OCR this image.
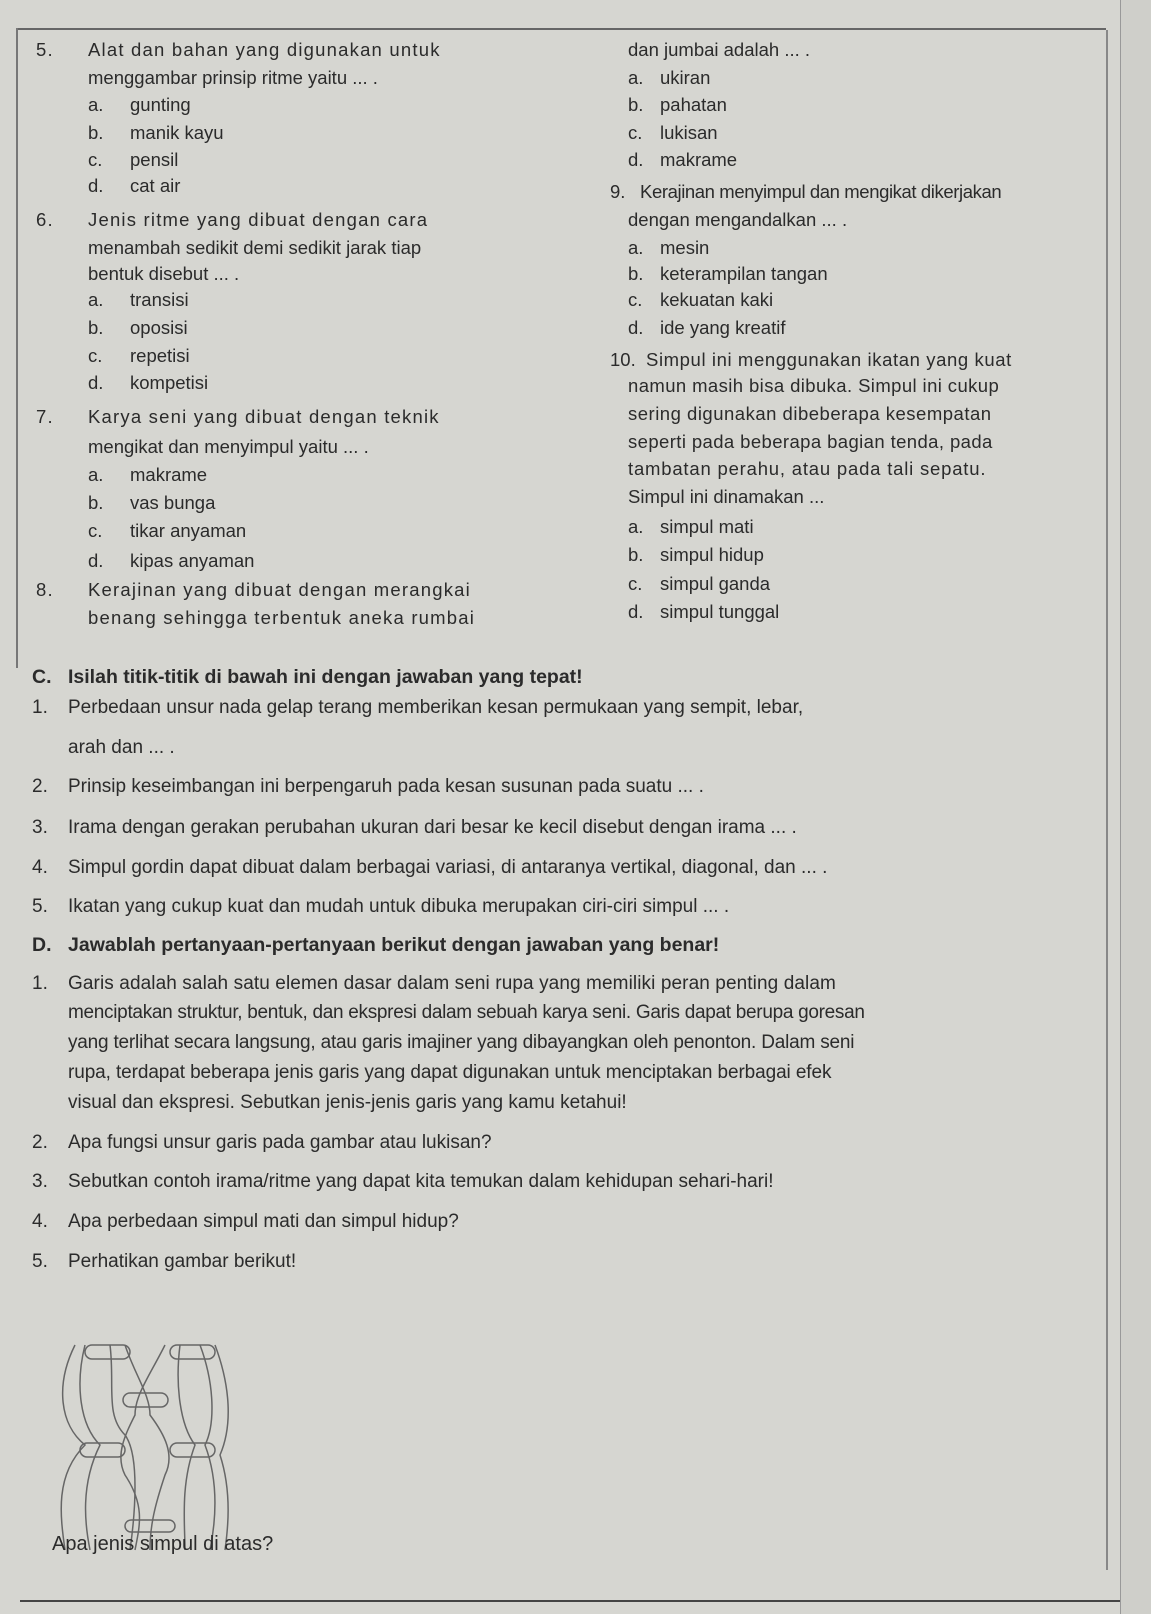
5. Alat dan bahan yang digunakan untuk
menggambar prinsip ritme yaitu ... .
a. gunting
b. manik kayu
c. pensil
d. cat air
6. Jenis ritme yang dibuat dengan cara
menambah sedikit demi sedikit jarak tiap
bentuk disebut ... .
a. transisi
b. oposisi
c. repetisi
d. kompetisi
7. Karya seni yang dibuat dengan teknik
mengikat dan menyimpul yaitu ... .
a. makrame
b. vas bunga
c. tikar anyaman
d. kipas anyaman
8. Kerajinan yang dibuat dengan merangkai
benang sehingga terbentuk aneka rumbai
dan jumbai adalah ... .
a. ukiran
b. pahatan
c. lukisan
d. makrame
9. Kerajinan menyimpul dan mengikat dikerjakan
dengan mengandalkan ... .
a. mesin
b. keterampilan tangan
c. kekuatan kaki
d. ide yang kreatif
10. Simpul ini menggunakan ikatan yang kuat
namun masih bisa dibuka. Simpul ini cukup
sering digunakan dibeberapa kesempatan
seperti pada beberapa bagian tenda, pada
tambatan perahu, atau pada tali sepatu.
Simpul ini dinamakan ...
a. simpul mati
b. simpul hidup
c. simpul ganda
d. simpul tunggal
C. Isilah titik-titik di bawah ini dengan jawaban yang tepat!
1. Perbedaan unsur nada gelap terang memberikan kesan permukaan yang sempit, lebar,
arah dan ... .
2. Prinsip keseimbangan ini berpengaruh pada kesan susunan pada suatu ... .
3. Irama dengan gerakan perubahan ukuran dari besar ke kecil disebut dengan irama ... .
4. Simpul gordin dapat dibuat dalam berbagai variasi, di antaranya vertikal, diagonal, dan ... .
5. Ikatan yang cukup kuat dan mudah untuk dibuka merupakan ciri-ciri simpul ... .
D. Jawablah pertanyaan-pertanyaan berikut dengan jawaban yang benar!
1. Garis adalah salah satu elemen dasar dalam seni rupa yang memiliki peran penting dalam
menciptakan struktur, bentuk, dan ekspresi dalam sebuah karya seni. Garis dapat berupa goresan
yang terlihat secara langsung, atau garis imajiner yang dibayangkan oleh penonton. Dalam seni
rupa, terdapat beberapa jenis garis yang dapat digunakan untuk menciptakan berbagai efek
visual dan ekspresi. Sebutkan jenis-jenis garis yang kamu ketahui!
2. Apa fungsi unsur garis pada gambar atau lukisan?
3. Sebutkan contoh irama/ritme yang dapat kita temukan dalam kehidupan sehari-hari!
4. Apa perbedaan simpul mati dan simpul hidup?
5. Perhatikan gambar berikut!
Apa jenis simpul di atas?
